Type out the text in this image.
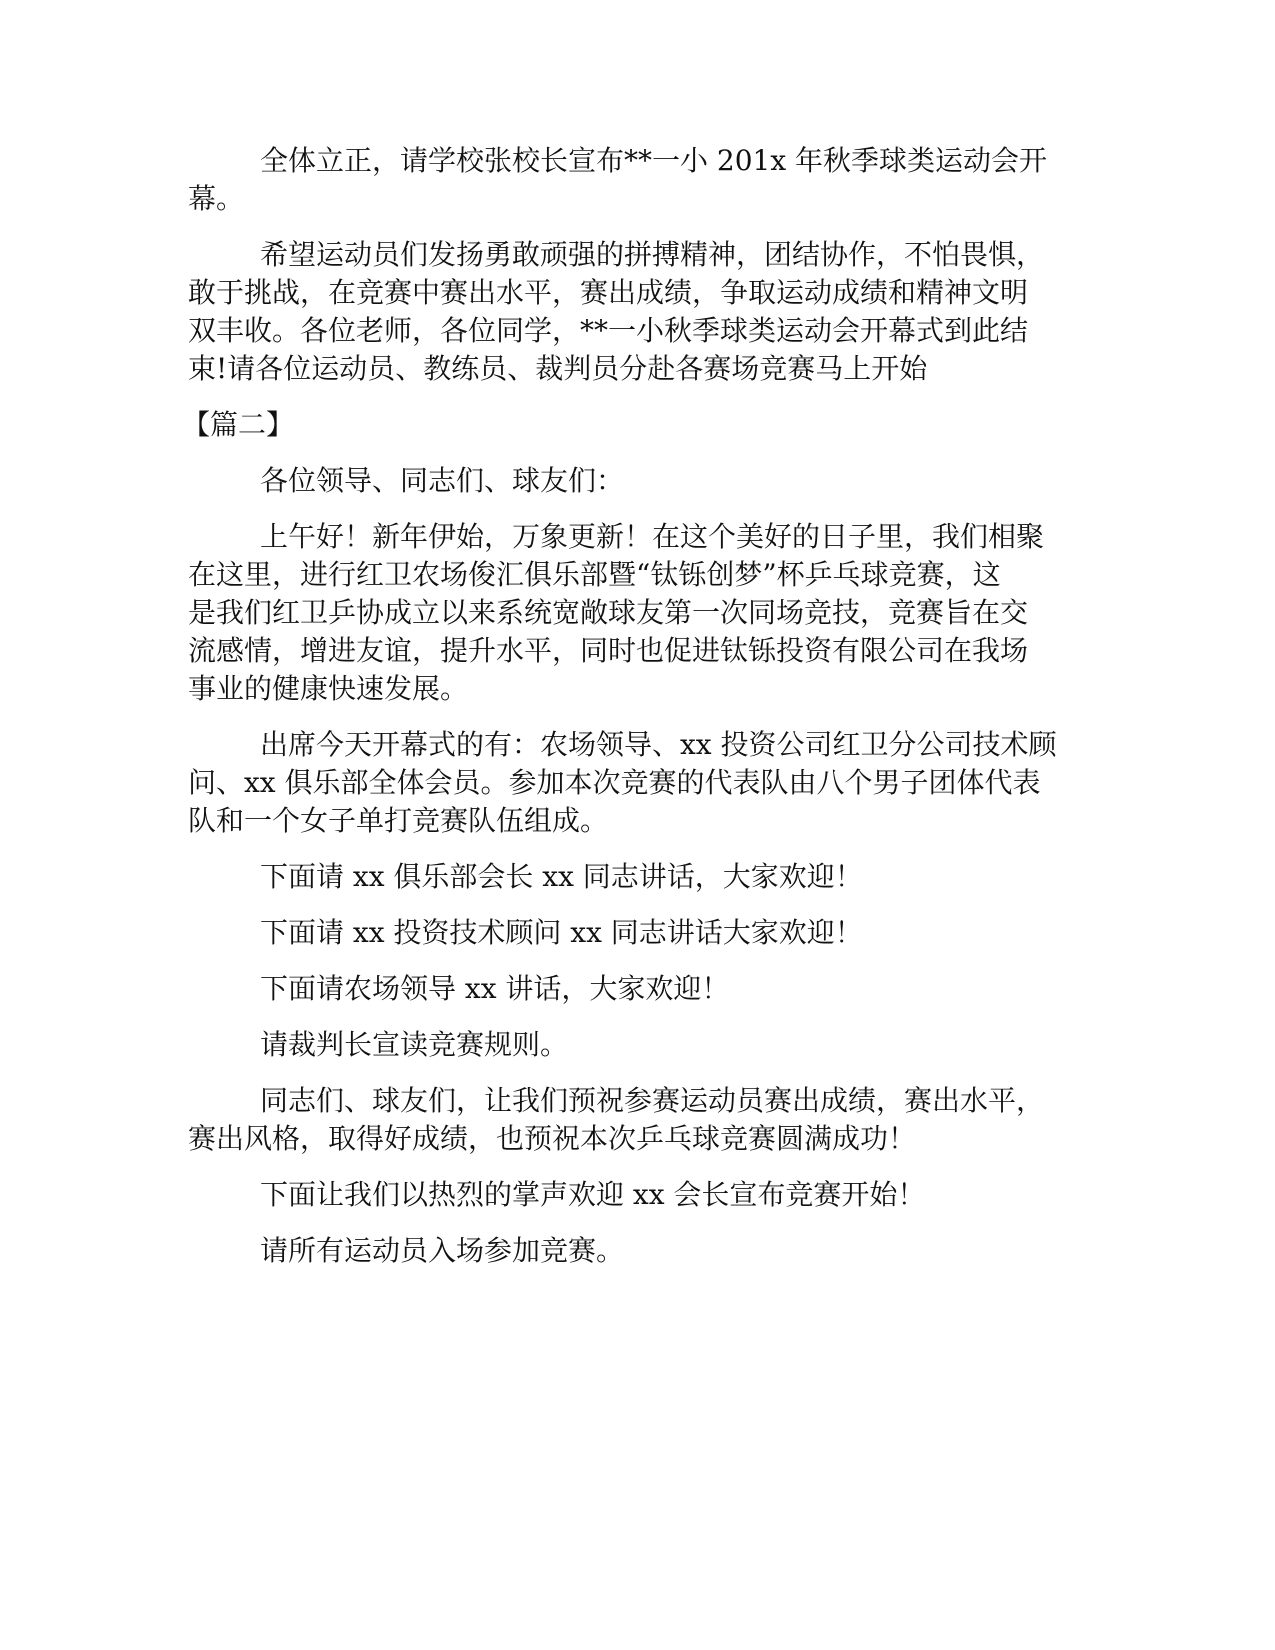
全体立正，请学校张校长宣布**一小 201x 年秋季球类运动会开
幕。

希望运动员们发扬勇敢顽强的拼搏精神，团结协作，不怕畏惧，
敢于挑战，在竞赛中赛出水平，赛出成绩，争取运动成绩和精神文明
双丰收。各位老师，各位同学，**一小秋季球类运动会开幕式到此结
束!请各位运动员、教练员、裁判员分赴各赛场竞赛马上开始

【篇二】

各位领导、同志们、球友们：

上午好！新年伊始，万象更新！在这个美好的日子里，我们相聚
在这里，进行红卫农场俊汇俱乐部暨“钛铄创梦”杯乒乓球竞赛，这
是我们红卫乒协成立以来系统宽敞球友第一次同场竞技，竞赛旨在交
流感情，增进友谊，提升水平，同时也促进钛铄投资有限公司在我场
事业的健康快速发展。

出席今天开幕式的有：农场领导、xx 投资公司红卫分公司技术顾
问、xx 俱乐部全体会员。参加本次竞赛的代表队由八个男子团体代表
队和一个女子单打竞赛队伍组成。

下面请 xx 俱乐部会长 xx 同志讲话，大家欢迎！

下面请 xx 投资技术顾问 xx 同志讲话大家欢迎！

下面请农场领导 xx 讲话，大家欢迎！

请裁判长宣读竞赛规则。

同志们、球友们，让我们预祝参赛运动员赛出成绩，赛出水平，
赛出风格，取得好成绩，也预祝本次乒乓球竞赛圆满成功！

下面让我们以热烈的掌声欢迎 xx 会长宣布竞赛开始！

请所有运动员入场参加竞赛。
